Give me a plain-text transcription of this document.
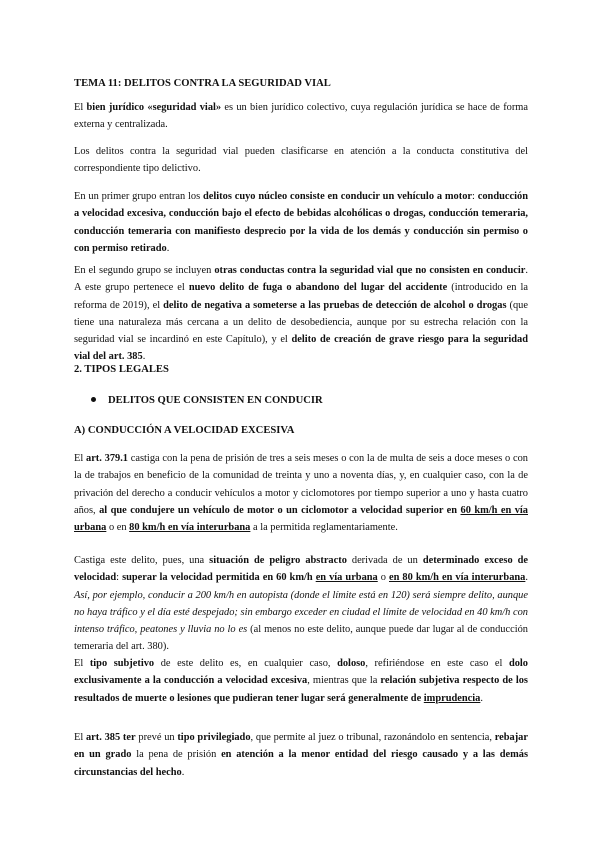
TEMA 11: DELITOS CONTRA LA SEGURIDAD VIAL

El bien jurídico «seguridad vial» es un bien jurídico colectivo, cuya regulación jurídica se hace de forma externa y centralizada.

Los delitos contra la seguridad vial pueden clasificarse en atención a la conducta constitutiva del correspondiente tipo delictivo.

En un primer grupo entran los delitos cuyo núcleo consiste en conducir un vehículo a motor: conducción a velocidad excesiva, conducción bajo el efecto de bebidas alcohólicas o drogas, conducción temeraria, conducción temeraria con manifiesto desprecio por la vida de los demás y conducción sin permiso o con permiso retirado.

En el segundo grupo se incluyen otras conductas contra la seguridad vial que no consisten en conducir. A este grupo pertenece el nuevo delito de fuga o abandono del lugar del accidente (introducido en la reforma de 2019), el delito de negativa a someterse a las pruebas de detección de alcohol o drogas (que tiene una naturaleza más cercana a un delito de desobediencia, aunque por su estrecha relación con la seguridad vial se incardinó en este Capítulo), y el delito de creación de grave riesgo para la seguridad vial del art. 385.

2. TIPOS LEGALES

DELITOS QUE CONSISTEN EN CONDUCIR

A) CONDUCCIÓN A VELOCIDAD EXCESIVA

El art. 379.1 castiga con la pena de prisión de tres a seis meses o con la de multa de seis a doce meses o con la de trabajos en beneficio de la comunidad de treinta y uno a noventa días, y, en cualquier caso, con la de privación del derecho a conducir vehículos a motor y ciclomotores por tiempo superior a uno y hasta cuatro años, al que condujere un vehículo de motor o un ciclomotor a velocidad superior en 60 km/h en vía urbana o en 80 km/h en vía interurbana a la permitida reglamentariamente.

Castiga este delito, pues, una situación de peligro abstracto derivada de un determinado exceso de velocidad: superar la velocidad permitida en 60 km/h en vía urbana o en 80 km/h en vía interurbana. Así, por ejemplo, conducir a 200 km/h en autopista (donde el límite está en 120) será siempre delito, aunque no haya tráfico y el día esté despejado; sin embargo exceder en ciudad el límite de velocidad en 40 km/h con intenso tráfico, peatones y lluvia no lo es (al menos no este delito, aunque puede dar lugar al de conducción temeraria del art. 380).

El tipo subjetivo de este delito es, en cualquier caso, doloso, refiriéndose en este caso el dolo exclusivamente a la conducción a velocidad excesiva, mientras que la relación subjetiva respecto de los resultados de muerte o lesiones que pudieran tener lugar será generalmente de imprudencia.

El art. 385 ter prevé un tipo privilegiado, que permite al juez o tribunal, razonándolo en sentencia, rebajar en un grado la pena de prisión en atención a la menor entidad del riesgo causado y a las demás circunstancias del hecho.
